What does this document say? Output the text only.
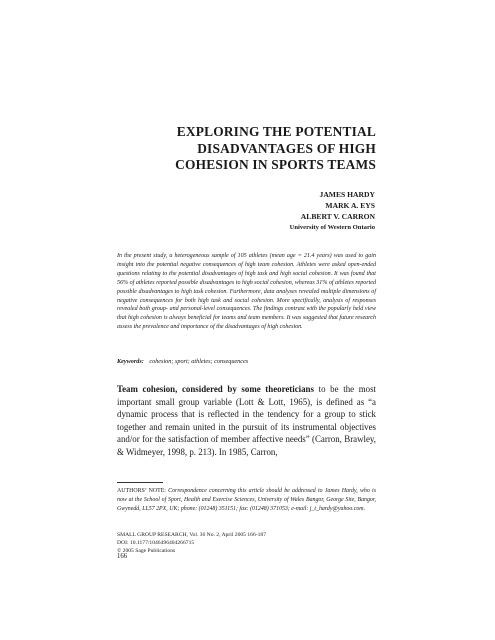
EXPLORING THE POTENTIAL
DISADVANTAGES OF HIGH
COHESION IN SPORTS TEAMS
JAMES HARDY
MARK A. EYS
ALBERT V. CARRON
University of Western Ontario

In the present study, a heterogeneous sample of 105 athletes (mean age = 21.4 years) was used to gain insight into the potential negative consequences of high team cohesion. Athletes were asked open-ended questions relating to the potential disadvantages of high task and high social cohesion. It was found that 56% of athletes reported possible disadvantages to high social cohesion, whereas 31% of athletes reported possible disadvantages to high task cohesion. Furthermore, data analyses revealed multiple dimensions of negative consequences for both high task and social cohesion. More specifically, analysis of responses revealed both group- and personal-level consequences. The findings contrast with the popularly held view that high cohesion is always beneficial for teams and team members. It was suggested that future research assess the prevalence and importance of the disadvantages of high cohesion.

Keywords: cohesion; sport; athletes; consequences

Team cohesion, considered by some theoreticians to be the most important small group variable (Lott & Lott, 1965), is defined as “a dynamic process that is reflected in the tendency for a group to stick together and remain united in the pursuit of its instrumental objectives and/or for the satisfaction of member affective needs” (Carron, Brawley, & Widmeyer, 1998, p. 213). In 1985, Carron,

AUTHORS’ NOTE: Correspondence concerning this article should be addressed to James Hardy, who is now at the School of Sport, Health and Exercise Sciences, University of Wales Bangor, George Site, Bangor, Gwynedd, LL57 2PX, UK; phone: (01248) 351151; fax: (01248) 371053; e-mail: j_t_hardy@yahoo.com.

SMALL GROUP RESEARCH, Vol. 36 No. 2, April 2005 166-187
DOI: 10.1177/1046496404266715
© 2005 Sage Publications
166
